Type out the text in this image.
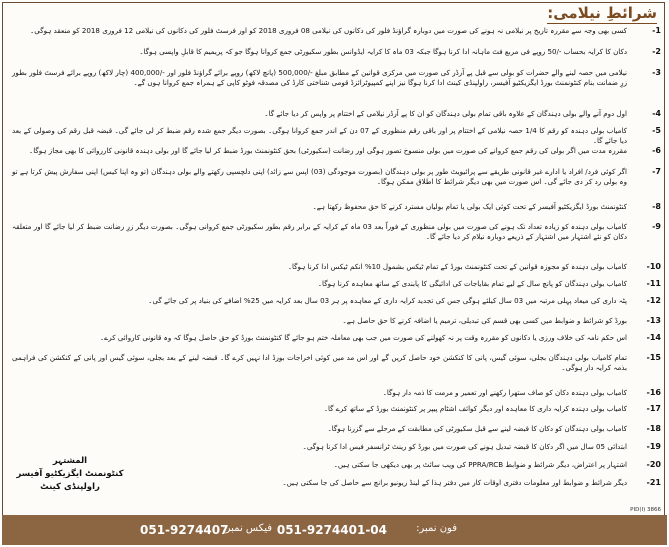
شرائطِ نیلامی:
-1
کسی بھی وجہ سے مقررہ تاریخ پر نیلامی نہ ہونے کی صورت میں دوبارہ گراؤنڈ فلور کی دکانوں کی نیلامی 08 فروری 2018 کو اور فرسٹ فلور کی دکانوں کی نیلامی 12 فروری 2018 کو منعقد ہوگی۔
-2
دکان کا کرایہ بحساب -/50 روپے فی مربع فٹ ماہانہ ادا کرنا ہوگا جبکہ 03 ماہ کا کرایہ ایڈوانس بطور سکیورٹی جمع کروانا ہوگا جو کہ پریمیم کا قابلِ واپسی ہوگا۔
-3
نیلامی میں حصہ لینے والے حضرات کو بولی سے قبل پے آرڈر کی صورت میں مرکزی قوانین کے مطابق مبلغ -/500,000 (پانچ لاکھ) روپے برائے گراؤنڈ فلور اور -/400,000 (چار لاکھ) روپے برائے فرسٹ فلور بطور زرِ ضمانت بنام کنٹونمنٹ بورڈ ایگزیکٹیو آفیسر، راولپنڈی کینٹ ادا کرنا ہوگا نیز اپنے کمپیوٹرائزڈ قومی شناختی کارڈ کی مصدقہ فوٹو کاپی کے ہمراہ جمع کروانا ہوں گے۔
-4
اول دوم آنے والے بولی دہندگان کے علاوہ باقی تمام بولی دہندگان کو ان کا پے آرڈر نیلامی کے اختتام پر واپس کر دیا جائے گا۔
-5
کامیاب بولی دہندہ کو رقم کا 1/4 حصہ نیلامی کے اختتام پر اور باقی رقم منظوری کے 07 دن کے اندر جمع کروانا ہوگی۔ بصورت دیگر جمع شدہ رقم ضبط کر لی جائے گی۔ قبضہ قبل رقم کی وصولی کے بعد دیا جائے گا۔
-6
مقررہ مدت میں اگر بولی کی رقم جمع کروانے کی صورت میں بولی منسوخ تصور ہوگی اور رضانت (سکیورٹی) بحق کنٹونمنٹ بورڈ ضبط کر لیا جائے گا اور بولی دہندہ قانونی کارروائی کا بھی مجاز ہوگا۔
-7
اگر کوئی فرد/ افراد یا ادارے غیر قانونی طریقے سے پرائیویٹ طور پر بولی دہندگان (بصورت موجودگی (03) اپس سے زائد) اپنی دلچسپی رکھتے والے بولی دہندگان (تو وہ اپنا کیس) اپنی سفارش پیش کرتا ہے تو وہ بولی رد کر دی جائے گی۔ اس صورت میں بھی دیگر شرائط کا اطلاق ممکن ہوگا۔
-8
کنٹونمنٹ بورڈ ایگزیکٹیو آفیسر کے تحت کوئی ایک بولی یا تمام بولیاں مسترد کرنے کا حق محفوظ رکھتا ہے۔
-9
کامیاب بولی دہندہ کو زیادہ تعداد تک ہونے کی صورت میں بولی منظوری کے فوراً بعد 03 ماہ کے کرایہ کے برابر رقم بطور سکیورٹی جمع کروانی ہوگی۔ بصورت دیگر زرِ رضانت ضبط کر لیا جائے گا اور متعلقہ دکان کو نئے اشتہار میں اشتہار کے ذریعے دوبارہ نیلام کر دیا جائے گا۔
-10
کامیاب بولی دہندہ کو مجوزہ قوانین کے تحت کنٹونمنٹ بورڈ کے تمام ٹیکس بشمول 10% انکم ٹیکس ادا کرنا ہوگا۔
-11
کامیاب بولی دہندگان کو پانچ سال کے لیے تمام بقایاجات کی ادائیگی کا پابندی کے ساتھ معاہدہ کرنا ہوگا۔
-12
پٹہ داری کی میعاد پہلی مرتبہ میں 03 سال کیلئے ہوگی جس کی تجدید کرایہ داری کے معاہدہ پر ہر 03 سال بعد کرایہ میں 25% اضافے کی بنیاد پر کی جائے گی۔
-13
بورڈ کو شرائط و ضوابط میں کسی بھی قسم کی تبدیلی، ترمیم یا اضافہ کرنے کا حق حاصل ہے۔
-14
اس حکم نامہ کی خلاف ورزی یا دکانوں کو مقررہ وقت پر نہ کھولنے کی صورت میں جب بھی معاملہ ختم ہو جائے گا کنٹونمنٹ بورڈ کو حق حاصل ہوگا کہ وہ قانونی کاروائی کرے۔
-15
تمام کامیاب بولی دہندگان بجلی، سوئی گیس، پانی کا کنکشن خود حاصل کریں گے اور اس مد میں کوئی اخراجات بورڈ ادا نہیں کرے گا۔ قبضہ لینے کے بعد بجلی، سوئی گیس اور پانی کے کنکشن کی فراہمی بذمہ کرایہ دار ہوگی۔
-16
کامیاب بولی دہندہ دکان کو صاف ستھرا رکھنے اور تعمیر و مرمت کا ذمہ دار ہوگا۔
-17
کامیاب بولی دہندہ کرایہ داری کا معاہدہ اور دیگر کوائف اشٹام پیپر پر کنٹونمنٹ بورڈ کے ساتھ کرے گا۔
-18
کامیاب بولی دہندگان کو دکان کا قبضہ لینے سے قبل سکیورٹی کی مطابقت کے مرحلے سے گزرنا ہوگا۔
-19
ابتدائی 05 سال میں اگر دکان کا قبضہ تبدیل ہونے کی صورت میں بورڈ کو رینٹ ٹرانسفر فیس ادا کرنا ہوگی۔
-20
اشتہار پر اعتراض، دیگر شرائط و ضوابط PPRA/RCB کی ویب سائٹ پر بھی دیکھی جا سکتی ہیں۔
-21
دیگر شرائط و ضوابط اور معلومات دفتری اوقات کار میں دفتر ہذا کے لینڈ ریونیو برانچ سے حاصل کی جا سکتی ہیں۔
المشتہر
کنٹونمنٹ ایگزیکٹیو آفیسر
راولپنڈی کینٹ
PID(I) 3866
فون نمبر:
051-9274401-04
فیکس نمبر:
051-9274407
